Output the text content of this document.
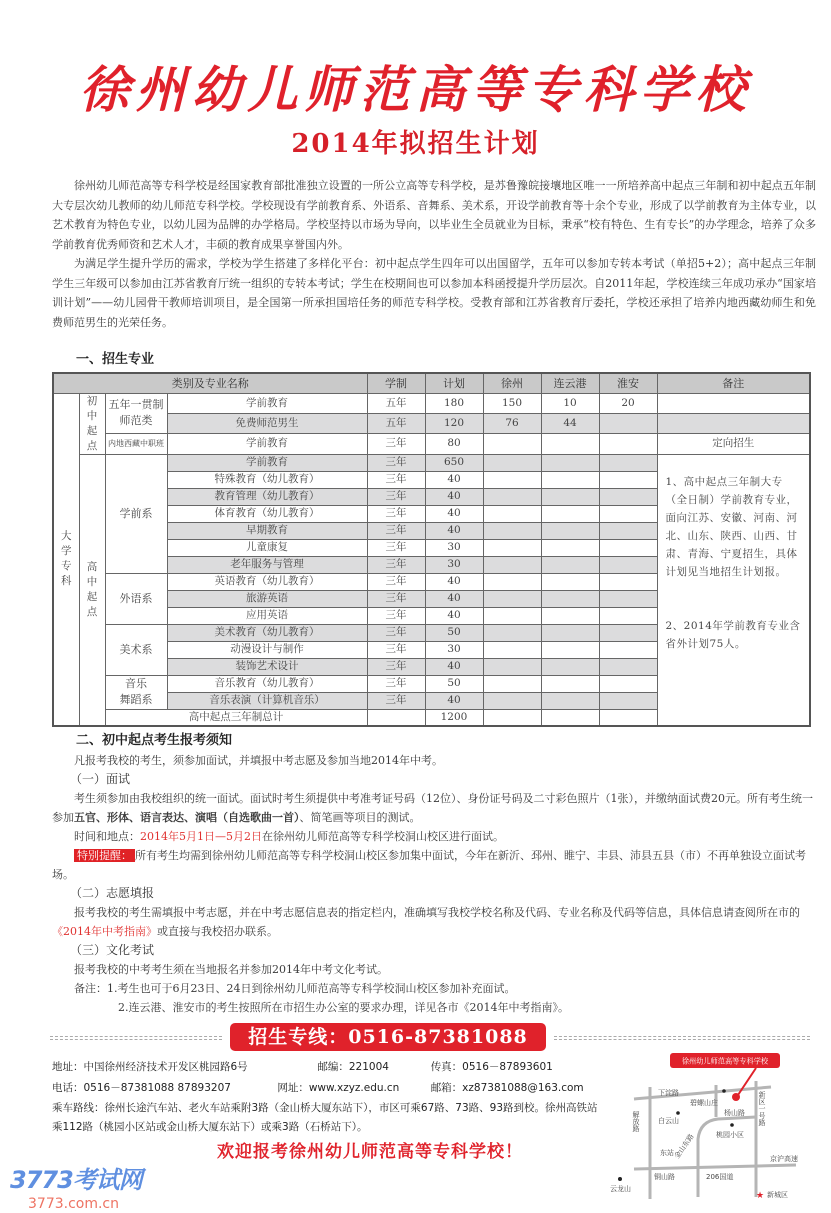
徐州幼儿师范高等专科学校
2014年拟招生计划

徐州幼儿师范高等专科学校是经国家教育部批准独立设置的一所公立高等专科学校，是苏鲁豫皖接壤地区唯一一所培养高中起点三年制和初中起点五年制大专层次幼儿教师的幼儿师范专科学校。学校现设有学前教育系、外语系、音舞系、美术系，开设学前教育等十余个专业，形成了以学前教育为主体专业，以艺术教育为特色专业，以幼儿园为品牌的办学格局。学校坚持以市场为导向，以毕业生全员就业为目标，秉承“校有特色、生有专长”的办学理念，培养了众多学前教育优秀师资和艺术人才，丰硕的教育成果享誉国内外。

为满足学生提升学历的需求，学校为学生搭建了多样化平台：初中起点学生四年可以出国留学，五年可以参加专转本考试（单招5+2）；高中起点三年制学生三年级可以参加由江苏省教育厅统一组织的专转本考试；学生在校期间也可以参加本科函授提升学历层次。自2011年起，学校连续三年成功承办“国家培训计划”——幼儿园骨干教师培训项目，是全国第一所承担国培任务的师范专科学校。受教育部和江苏省教育厅委托，学校还承担了培养内地西藏幼师生和免费师范男生的光荣任务。

一、招生专业
类别及专业名称				学制	计划	徐州	连云港	淮安	备注

大学专科	初中起点	五年一贯制师范类	学前教育	五年	180	150	10	20	
			免费师范男生	五年	120	76	44		
		内地西藏中职班	学前教育	三年	80				定向招生

	高中起点	学前系	学前教育	三年	650				1、高中起点三年制大专（全日制）学前教育专业，面向江苏、安徽、河南、河北、山东、陕西、山西、甘肃、青海、宁夏招生，具体计划见当地招生计划报。

2、2014年学前教育专业含省外计划75人。

			特殊教育（幼儿教育）	三年	40				
			教育管理（幼儿教育）	三年	40				
			体育教育（幼儿教育）	三年	40				
			早期教育	三年	40				
			儿童康复	三年	30				
			老年服务与管理	三年	30				
		外语系	英语教育（幼儿教育）	三年	40				
			旅游英语	三年	40				
			应用英语	三年	40				
		美术系	美术教育（幼儿教育）	三年	50				
			动漫设计与制作	三年	30				
			装饰艺术设计	三年	40				

		音乐
舞蹈系	音乐教育（幼儿教育）	三年	50				
			音乐表演（计算机音乐）	三年	40				
		高中起点三年制总计			1200				
二、初中起点考生报考须知
凡报考我校的考生，须参加面试，并填报中考志愿及参加当地2014年中考。
（一）面试
考生须参加由我校组织的统一面试。面试时考生须提供中考准考证号码（12位）、身份证号码及二寸彩色照片（1张），并缴纳面试费20元。所有考生统一参加五官、形体、语言表达、演唱（自选歌曲一首）、简笔画等项目的测试。
时间和地点：2014年5月1日—5月2日在徐州幼儿师范高等专科学校洞山校区进行面试。
特别提醒： 所有考生均需到徐州幼儿师范高等专科学校洞山校区参加集中面试，今年在新沂、邳州、睢宁、丰县、沛县五县（市）不再单独设立面试考场。
（二）志愿填报
报考我校的考生需填报中考志愿，并在中考志愿信息表的指定栏内，准确填写我校学校名称及代码、专业名称及代码等信息，具体信息请查阅所在市的《2014年中考指南》或直接与我校招办联系。
（三）文化考试
报考我校的中考考生须在当地报名并参加2014年中考文化考试。
备注：1.考生也可于6月23日、24日到徐州幼儿师范高等专科学校洞山校区参加补充面试。
2.连云港、淮安市的考生按照所在市招生办公室的要求办理，详见各市《2014年中考指南》。
招生专线：0516-87381088
地址：中国徐州经济技术开发区桃园路6号	邮编：221004	传真：0516－87893601
电话：0516－87381088 87893207	网址：www.xzyz.edu.cn	邮箱：xz87381088@163.com
乘车路线：徐州长途汽车站、老火车站乘附3路（金山桥大厦东站下），市区可乘67路、73路、93路到校。徐州高铁站乘112路（桃园小区站或金山桥大厦东站下）或乘3路（石桥站下）。
徐州幼儿师范高等专科学校
下淀路
碧螺山庄
白云山
解放路
东站
杨山路
桃园小区
新区一号路
金山东路
铜山路	206国道
云龙山
★ 新城区
京沪高速
欢迎报考徐州幼儿师范高等专科学校！
3773考试网
3773.com.cn
